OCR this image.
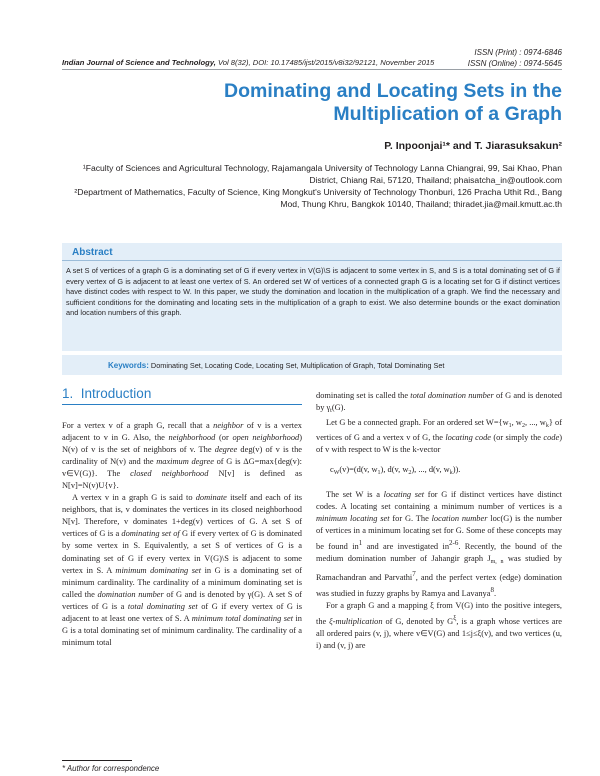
ISSN (Print) : 0974-6846
ISSN (Online) : 0974-5645
Indian Journal of Science and Technology, Vol 8(32), DOI: 10.17485/ijst/2015/v8i32/92121, November 2015
Dominating and Locating Sets in the
Multiplication of a Graph
P. Inpoonjai¹* and T. Jiarasuksakun²
¹Faculty of Sciences and Agricultural Technology, Rajamangala University of Technology Lanna Chiangrai, 99, Sai Khao, Phan District, Chiang Rai, 57120, Thailand; phaisatcha_in@outlook.com
²Department of Mathematics, Faculty of Science, King Mongkut's University of Technology Thonburi, 126 Pracha Uthit Rd., Bang Mod, Thung Khru, Bangkok 10140, Thailand; thiradet.jia@mail.kmutt.ac.th
Abstract
A set S of vertices of a graph G is a dominating set of G if every vertex in V(G)\S is adjacent to some vertex in S, and S is a total dominating set of G if every vertex of G is adjacent to at least one vertex of S. An ordered set W of vertices of a connected graph G is a locating set for G if distinct vertices have distinct codes with respect to W. In this paper, we study the domination and location in the multiplication of a graph. We find the necessary and sufficient conditions for the dominating and locating sets in the multiplication of a graph to exist. We also determine bounds or the exact domination and location numbers of this graph.
Keywords: Dominating Set, Locating Code, Locating Set, Multiplication of Graph, Total Dominating Set
1. Introduction

For a vertex v of a graph G, recall that a neighbor of v is a vertex adjacent to v in G. Also, the neighborhood (or open neighborhood) N(v) of v is the set of neighbors of v. The degree deg(v) of v is the cardinality of N(v) and the maximum degree of G is ΔG=max{deg(v): v∈V(G)}. The closed neighborhood N[v] is defined as N[v]=N(v)U{v}.

A vertex v in a graph G is said to dominate itself and each of its neighbors, that is, v dominates the vertices in its closed neighborhood N[v]. Therefore, v dominates 1+deg(v) vertices of G. A set S of vertices of G is a dominating set of G if every vertex of G is dominated by some vertex in S. Equivalently, a set S of vertices of G is a dominating set of G if every vertex in V(G)\S is adjacent to some vertex in S. A minimum dominating set in G is a dominating set of minimum cardinality. The cardinality of a minimum dominating set is called the domination number of G and is denoted by γ(G). A set S of vertices of G is a total dominating set of G if every vertex of G is adjacent to at least one vertex of S. A minimum total dominating set in G is a total dominating set of minimum cardinality. The cardinality of a minimum total

dominating set is called the total domination number of G and is denoted by $\gamma_t(G)$.

Let G be a connected graph. For an ordered set $W=\{w_1$, $w_2$, ..., $w_k$} of vertices of G and a vertex v of G, the locating code (or simply the code) of v with respect to W is the k-vector

$c_W(v)=(d(v$, $w_1$), d(v, $w_2$), ..., d(v, $w_k$)).

The set W is a locating set for G if distinct vertices have distinct codes. A locating set containing a minimum number of vertices is a minimum locating set for G. The location number loc(G) is the number of vertices in a minimum locating set for G. Some of these concepts may be found $in^1$ and are investigated $in^{2-6}$. Recently, the bound of the medium domination number of Jahangir graph $J_{m, n}$ was studied by Ramachandran and Parvathi$^7$, and the perfect vertex (edge) domination was studied in fuzzy graphs by Ramya and Lavanya$^8$.

For a graph G and a mapping ξ from V(G) into the positive integers, the ξ-multiplication of G, denoted by $G^\xi$, is a graph whose vertices are all ordered pairs (v, j), where v∈V(G) and 1≤j≤ξ(v), and two vertices (u, i) and (v, j) are

* Author for correspondence
